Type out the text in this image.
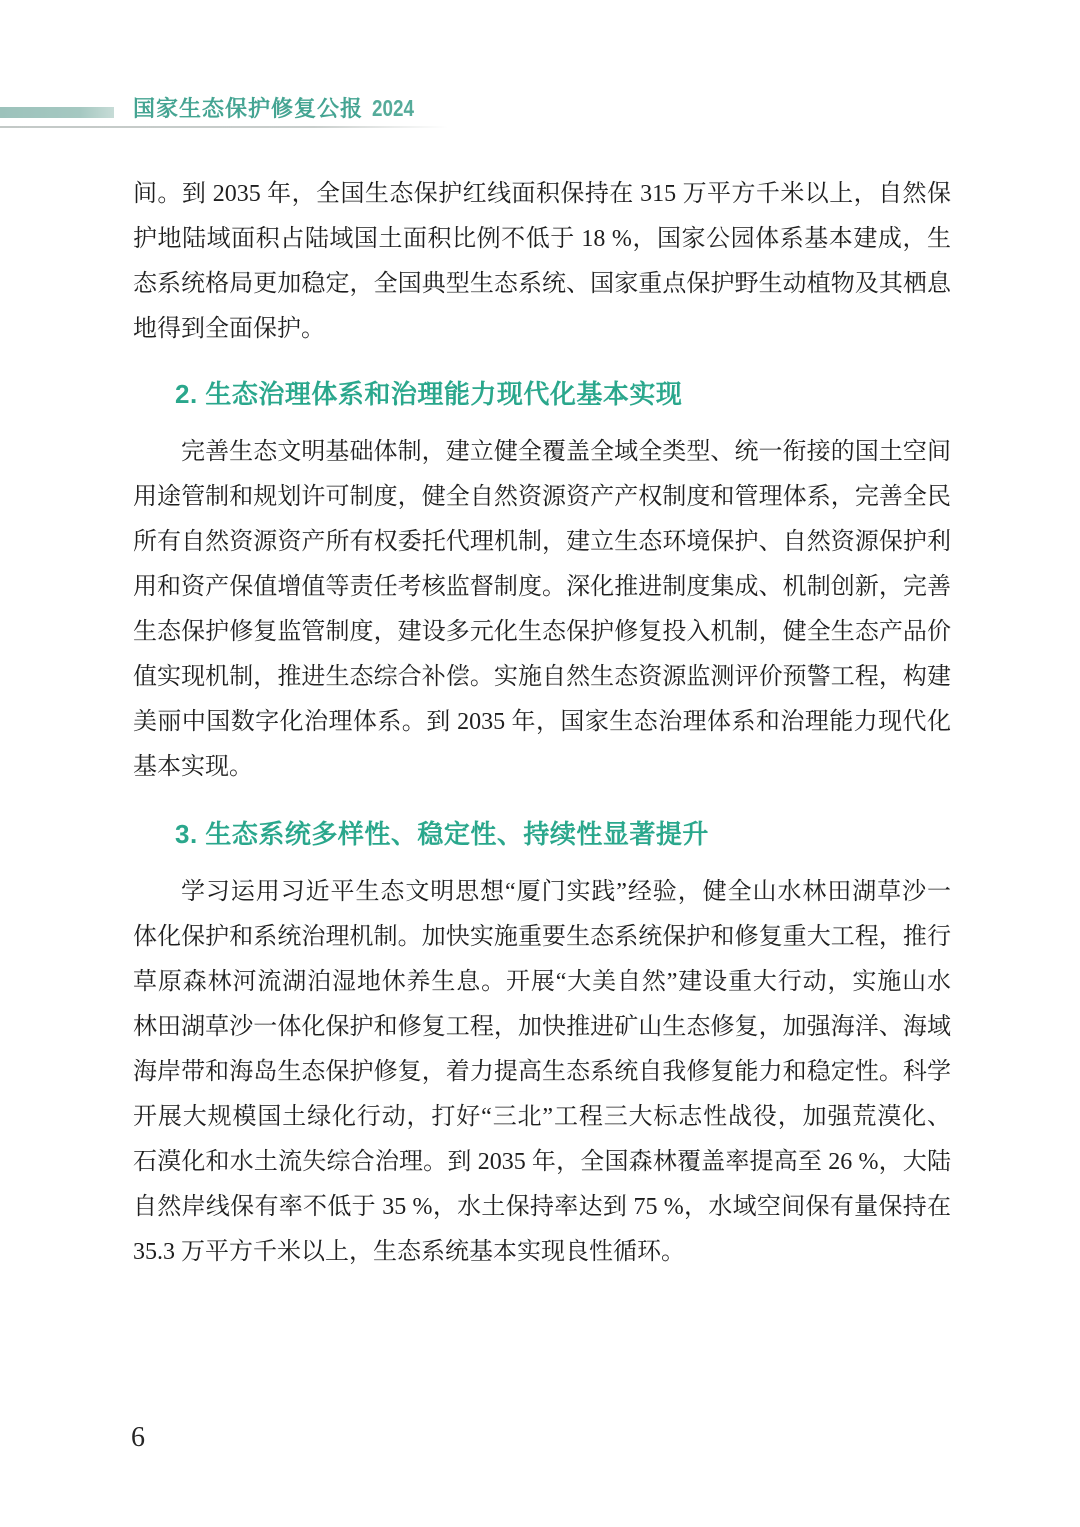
国家生态保护修复公报 2024
间。到 2035 年，全国生态保护红线面积保持在 315 万平方千米以上，自然保
护地陆域面积占陆域国土面积比例不低于 18 %，国家公园体系基本建成，生
态系统格局更加稳定，全国典型生态系统、国家重点保护野生动植物及其栖息
地得到全面保护。
2. 生态治理体系和治理能力现代化基本实现
完善生态文明基础体制，建立健全覆盖全域全类型、统一衔接的国土空间
用途管制和规划许可制度，健全自然资源资产产权制度和管理体系，完善全民
所有自然资源资产所有权委托代理机制，建立生态环境保护、自然资源保护利
用和资产保值增值等责任考核监督制度。深化推进制度集成、机制创新，完善
生态保护修复监管制度，建设多元化生态保护修复投入机制，健全生态产品价
值实现机制，推进生态综合补偿。实施自然生态资源监测评价预警工程，构建
美丽中国数字化治理体系。到 2035 年，国家生态治理体系和治理能力现代化
基本实现。
3. 生态系统多样性、稳定性、持续性显著提升
学习运用习近平生态文明思想“厦门实践”经验，健全山水林田湖草沙一
体化保护和系统治理机制。加快实施重要生态系统保护和修复重大工程，推行
草原森林河流湖泊湿地休养生息。开展“大美自然”建设重大行动，实施山水
林田湖草沙一体化保护和修复工程，加快推进矿山生态修复，加强海洋、海域
海岸带和海岛生态保护修复，着力提高生态系统自我修复能力和稳定性。科学
开展大规模国土绿化行动，打好“三北”工程三大标志性战役，加强荒漠化、
石漠化和水土流失综合治理。到 2035 年，全国森林覆盖率提高至 26 %，大陆
自然岸线保有率不低于 35 %，水土保持率达到 75 %，水域空间保有量保持在
35.3 万平方千米以上，生态系统基本实现良性循环。
6
